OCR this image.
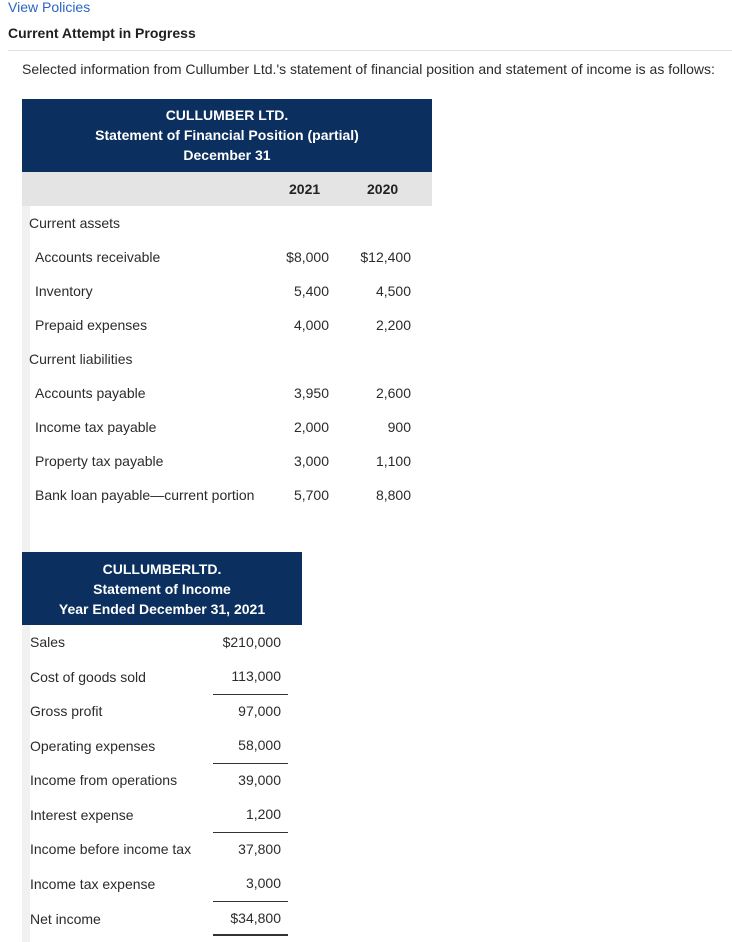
View Policies
Current Attempt in Progress
Selected information from Cullumber Ltd.'s statement of financial position and statement of income is as follows:
CULLUMBER LTD.
Statement of Financial Position (partial)
December 31
2021	2020
Current assets
Accounts receivable	$8,000 $12,400
Inventory	5,400	4,500
Prepaid expenses	4,000	2,200
Current liabilities
Accounts payable	3,950	2,600
Income tax payable	2,000	900
Property tax payable	3,000	1,100
Bank loan payable—current portion	5,700	8,800
CULLUMBERLTD.
Statement of Income
Year Ended December 31, 2021
Sales	$210,000
Cost of goods sold	113,000
Gross profit	97,000
Operating expenses	58,000
Income from operations	39,000
Interest expense	1,200
Income before income tax	37,800
Income tax expense	3,000
Net income	$34,800
